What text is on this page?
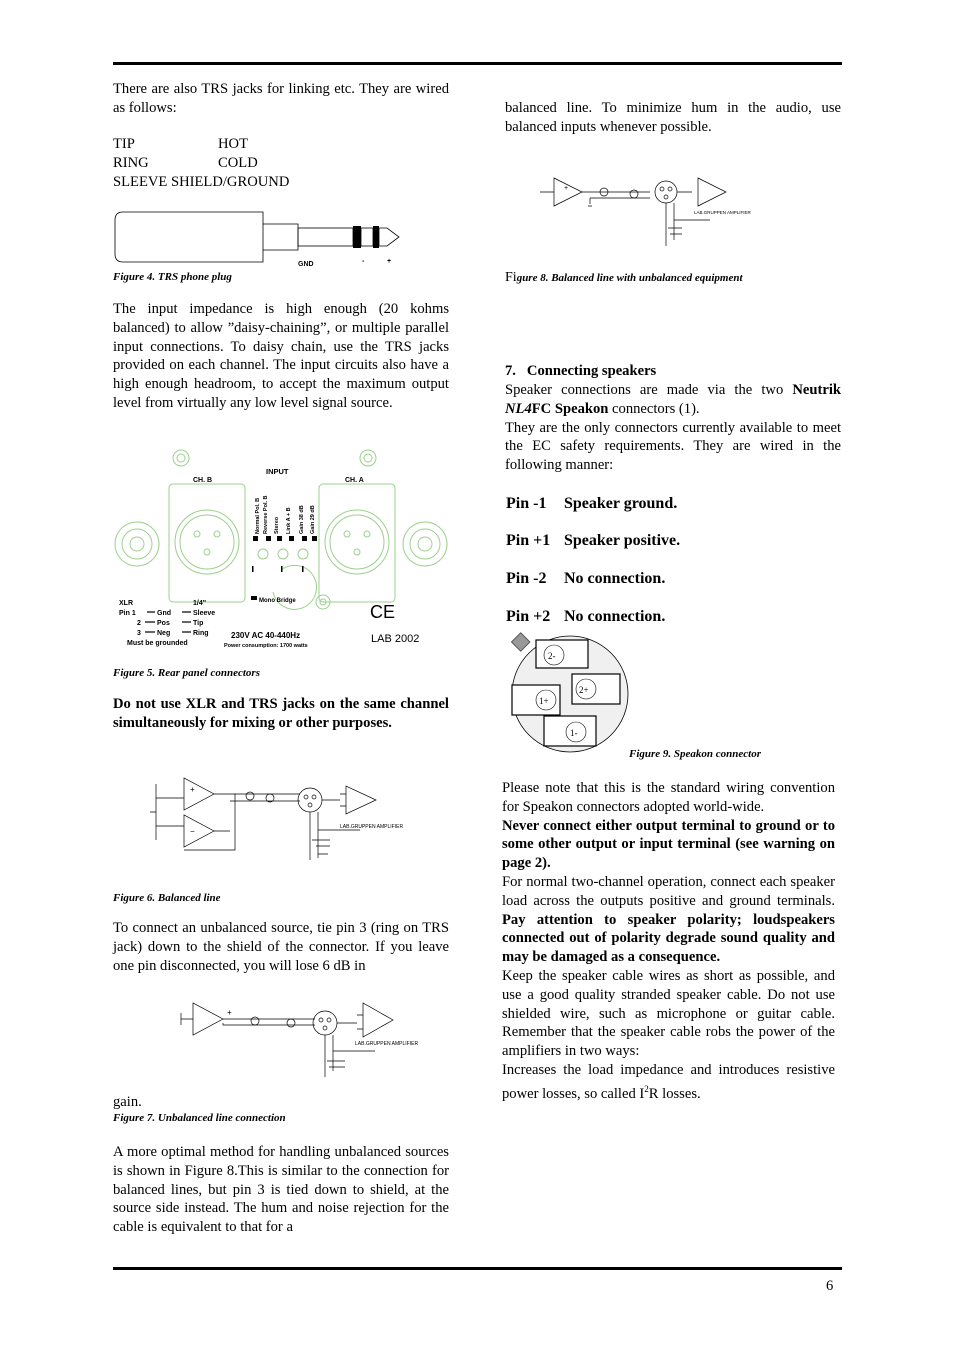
There are also TRS jacks for linking etc. They are wired as follows:

TIP	HOT
RING	COLD
SLEEVE SHIELD/GROUND
GND	-	+
Figure 4. TRS phone plug

The input impedance is high enough (20 kohms balanced) to allow ”daisy-chaining”, or multiple parallel input connections. To daisy chain, use the TRS jacks provided on each channel. The input circuits also have a high enough headroom, to accept the maximum output level from virtually any low level signal source.

INPUT
CH. B	CH. A
Normal Pol. B Reverse Pol. B Stereo Link A + B Gain 38 dB Gain 29 dB
Mono Bridge
XLR	1/4"
Pin 1	Gnd	Sleeve
2 Pos	Tip
3 Neg	Ring
Must be grounded
230V AC 40-440Hz
Power consumption: 1700 watts
CE
LAB 2002
Figure 5. Rear panel connectors

Do not use XLR and TRS jacks on the same channel simultaneously for mixing or other purposes.

+
−	LAB.GRUPPEN AMPLIFIER
Figure 6. Balanced line

To connect an unbalanced source, tie pin 3 (ring on TRS jack) down to the shield of the connector. If you leave one pin disconnected, you will lose 6 dB in

+
LAB.GRUPPEN AMPLIFIER
gain.
Figure 7. Unbalanced line connection

A more optimal method for handling unbalanced sources is shown in Figure 8.This is similar to the connection for balanced lines, but pin 3 is tied down to shield, at the source side instead. The hum and noise rejection for the cable is equivalent to that for a

balanced line. To minimize hum in the audio, use balanced inputs whenever possible.

+
LAB.GRUPPEN AMPLIFIER
Figure 8. Balanced line with unbalanced equipment
7. Connecting speakers

Speaker connections are made via the two Neutrik NL4FC Speakon connectors (1).

They are the only connectors currently available to meet the EC safety requirements. They are wired in the following manner:

Pin -1 Speaker ground.
Pin +1 Speaker positive.
Pin -2 No connection.
Pin +2 No connection.
2-
2+
1+
1-
Figure 9. Speakon connector

Please note that this is the standard wiring convention for Speakon connectors adopted world-wide.

Never connect either output terminal to ground or to some other output or input terminal (see warning on page 2).

For normal two-channel operation, connect each speaker load across the outputs positive and ground terminals. Pay attention to speaker polarity; loudspeakers connected out of polarity degrade sound quality and may be damaged as a consequence.

Keep the speaker cable wires as short as possible, and use a good quality stranded speaker cable. Do not use shielded wire, such as microphone or guitar cable. Remember that the speaker cable robs the power of the amplifiers in two ways:

Increases the load impedance and introduces resistive power losses, so called $I^2R$ losses.

6
